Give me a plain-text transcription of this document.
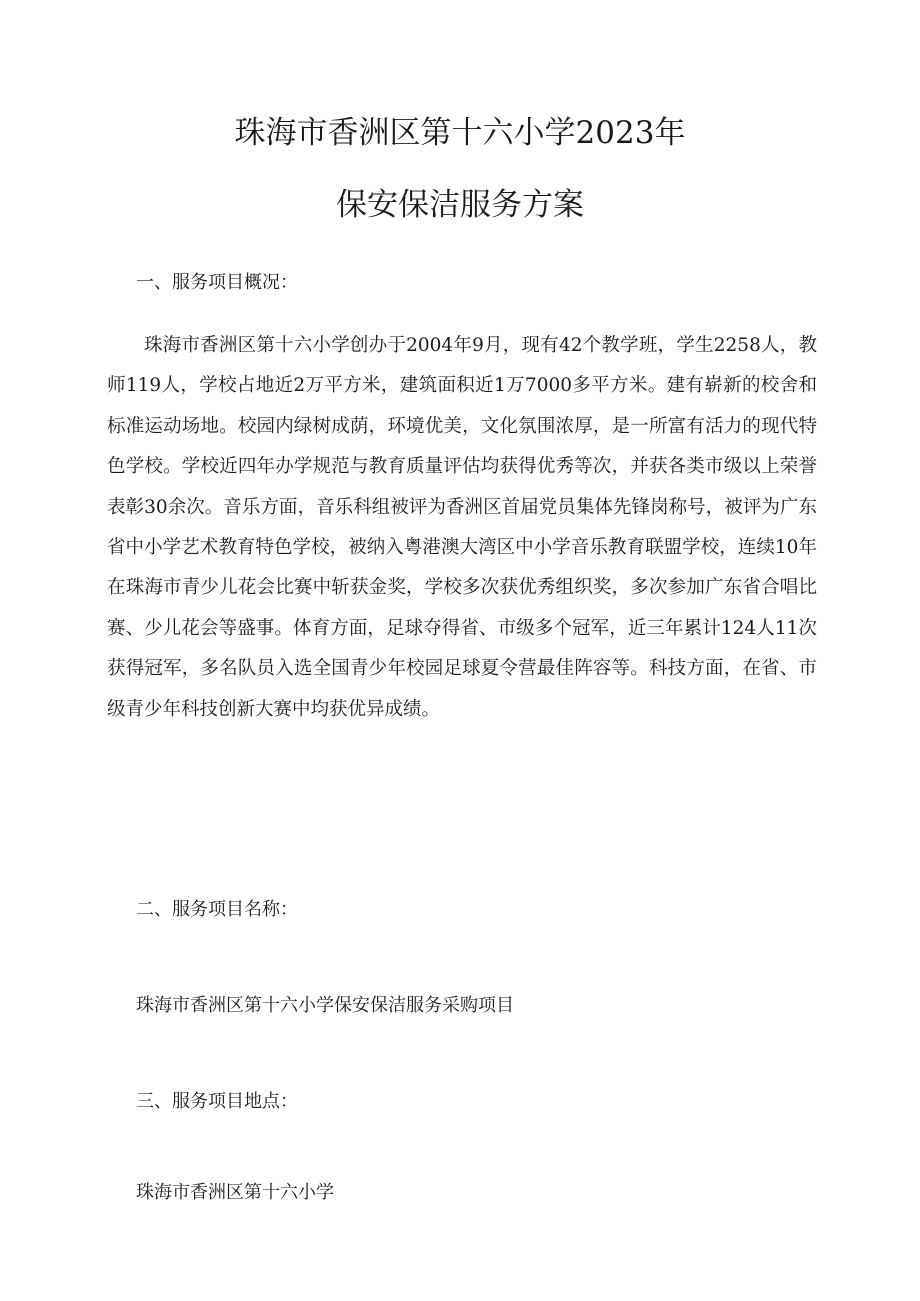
珠海市香洲区第十六小学2023年
保安保洁服务方案
一、服务项目概况：

珠海市香洲区第十六小学创办于2004年9月，现有42个教学班，学生2258人，教师119人，学校占地近2万平方米，建筑面积近1万7000多平方米。建有崭新的校舍和标准运动场地。校园内绿树成荫，环境优美，文化氛围浓厚，是一所富有活力的现代特色学校。学校近四年办学规范与教育质量评估均获得优秀等次，并获各类市级以上荣誉表彰30余次。音乐方面，音乐科组被评为香洲区首届党员集体先锋岗称号，被评为广东省中小学艺术教育特色学校，被纳入粤港澳大湾区中小学音乐教育联盟学校，连续10年在珠海市青少儿花会比赛中斩获金奖，学校多次获优秀组织奖，多次参加广东省合唱比赛、少儿花会等盛事。体育方面，足球夺得省、市级多个冠军，近三年累计124人11次获得冠军，多名队员入选全国青少年校园足球夏令营最佳阵容等。科技方面，在省、市级青少年科技创新大赛中均获优异成绩。

二、服务项目名称：

珠海市香洲区第十六小学保安保洁服务采购项目

三、服务项目地点：

珠海市香洲区第十六小学
